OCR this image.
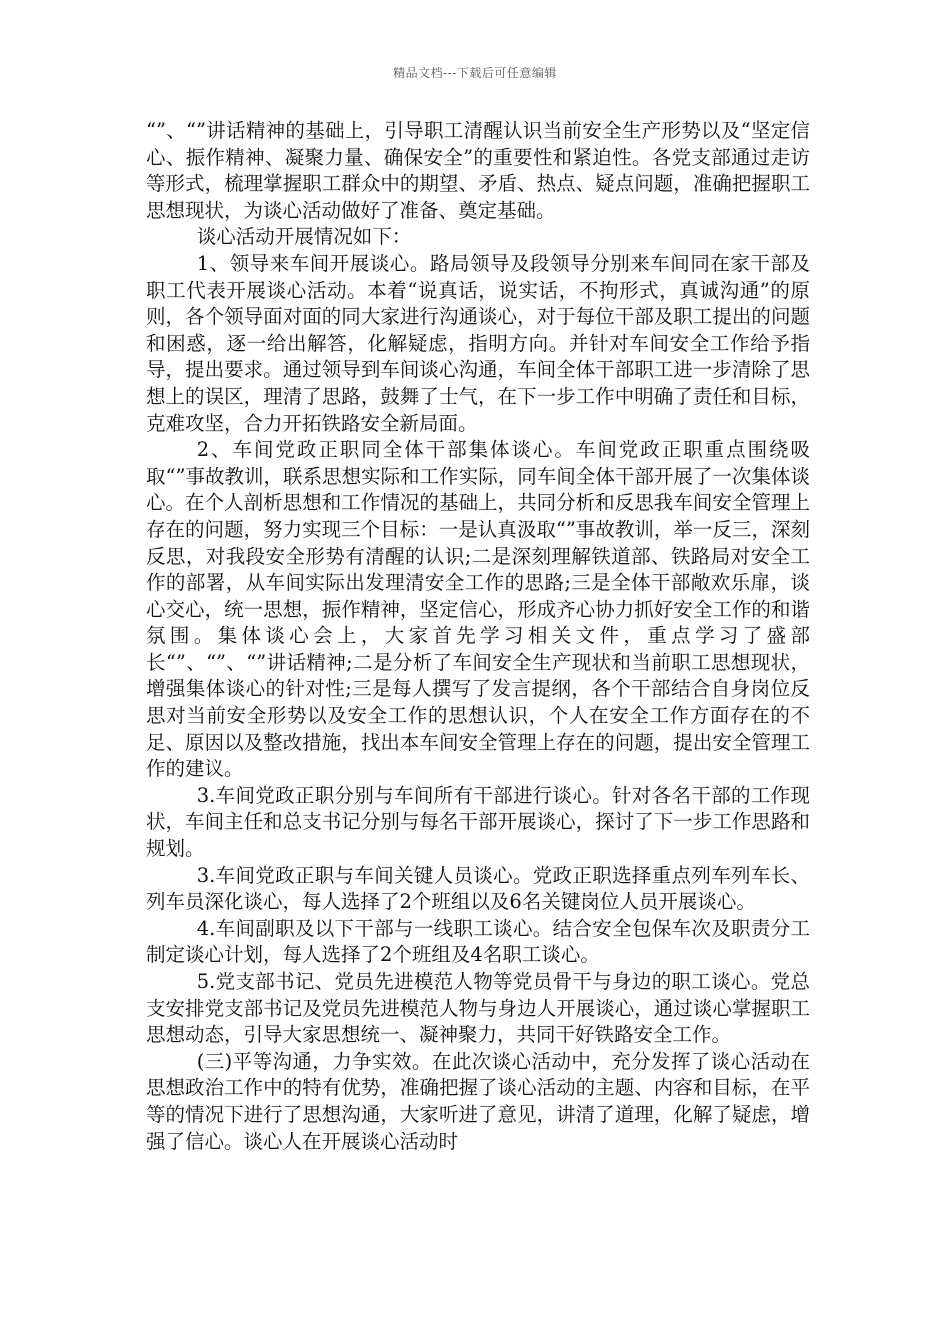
精品文档---下载后可任意编辑

“”、“”讲话精神的基础上，引导职工清醒认识当前安全生产形势以及“坚定信心、振作精神、凝聚力量、确保安全”的重要性和紧迫性。各党支部通过走访等形式，梳理掌握职工群众中的期望、矛盾、热点、疑点问题，准确把握职工思想现状，为谈心活动做好了准备、奠定基础。

谈心活动开展情况如下：

1、领导来车间开展谈心。路局领导及段领导分别来车间同在家干部及职工代表开展谈心活动。本着“说真话，说实话，不拘形式，真诚沟通”的原则，各个领导面对面的同大家进行沟通谈心，对于每位干部及职工提出的问题和困惑，逐一给出解答，化解疑虑，指明方向。并针对车间安全工作给予指导，提出要求。通过领导到车间谈心沟通，车间全体干部职工进一步清除了思想上的误区，理清了思路，鼓舞了士气，在下一步工作中明确了责任和目标，克难攻坚，合力开拓铁路安全新局面。

2、车间党政正职同全体干部集体谈心。车间党政正职重点围绕吸取“”事故教训，联系思想实际和工作实际，同车间全体干部开展了一次集体谈心。在个人剖析思想和工作情况的基础上，共同分析和反思我车间安全管理上存在的问题，努力实现三个目标：一是认真汲取“”事故教训，举一反三，深刻反思，对我段安全形势有清醒的认识;二是深刻理解铁道部、铁路局对安全工作的部署，从车间实际出发理清安全工作的思路;三是全体干部敞欢乐扉，谈心交心，统一思想，振作精神，坚定信心，形成齐心协力抓好安全工作的和谐氛围。集体谈心会上，大家首先学习相关文件，重点学习了盛部长“”、“”、“”讲话精神;二是分析了车间安全生产现状和当前职工思想现状，增强集体谈心的针对性;三是每人撰写了发言提纲，各个干部结合自身岗位反思对当前安全形势以及安全工作的思想认识，个人在安全工作方面存在的不足、原因以及整改措施，找出本车间安全管理上存在的问题，提出安全管理工作的建议。

3.车间党政正职分别与车间所有干部进行谈心。针对各名干部的工作现状，车间主任和总支书记分别与每名干部开展谈心，探讨了下一步工作思路和规划。

3.车间党政正职与车间关键人员谈心。党政正职选择重点列车列车长、列车员深化谈心，每人选择了2个班组以及6名关键岗位人员开展谈心。

4.车间副职及以下干部与一线职工谈心。结合安全包保车次及职责分工制定谈心计划，每人选择了2个班组及4名职工谈心。

5.党支部书记、党员先进模范人物等党员骨干与身边的职工谈心。党总支安排党支部书记及党员先进模范人物与身边人开展谈心，通过谈心掌握职工思想动态，引导大家思想统一、凝神聚力，共同干好铁路安全工作。

(三)平等沟通，力争实效。在此次谈心活动中，充分发挥了谈心活动在思想政治工作中的特有优势，准确把握了谈心活动的主题、内容和目标，在平等的情况下进行了思想沟通，大家听进了意见，讲清了道理，化解了疑虑，增强了信心。谈心人在开展谈心活动时
